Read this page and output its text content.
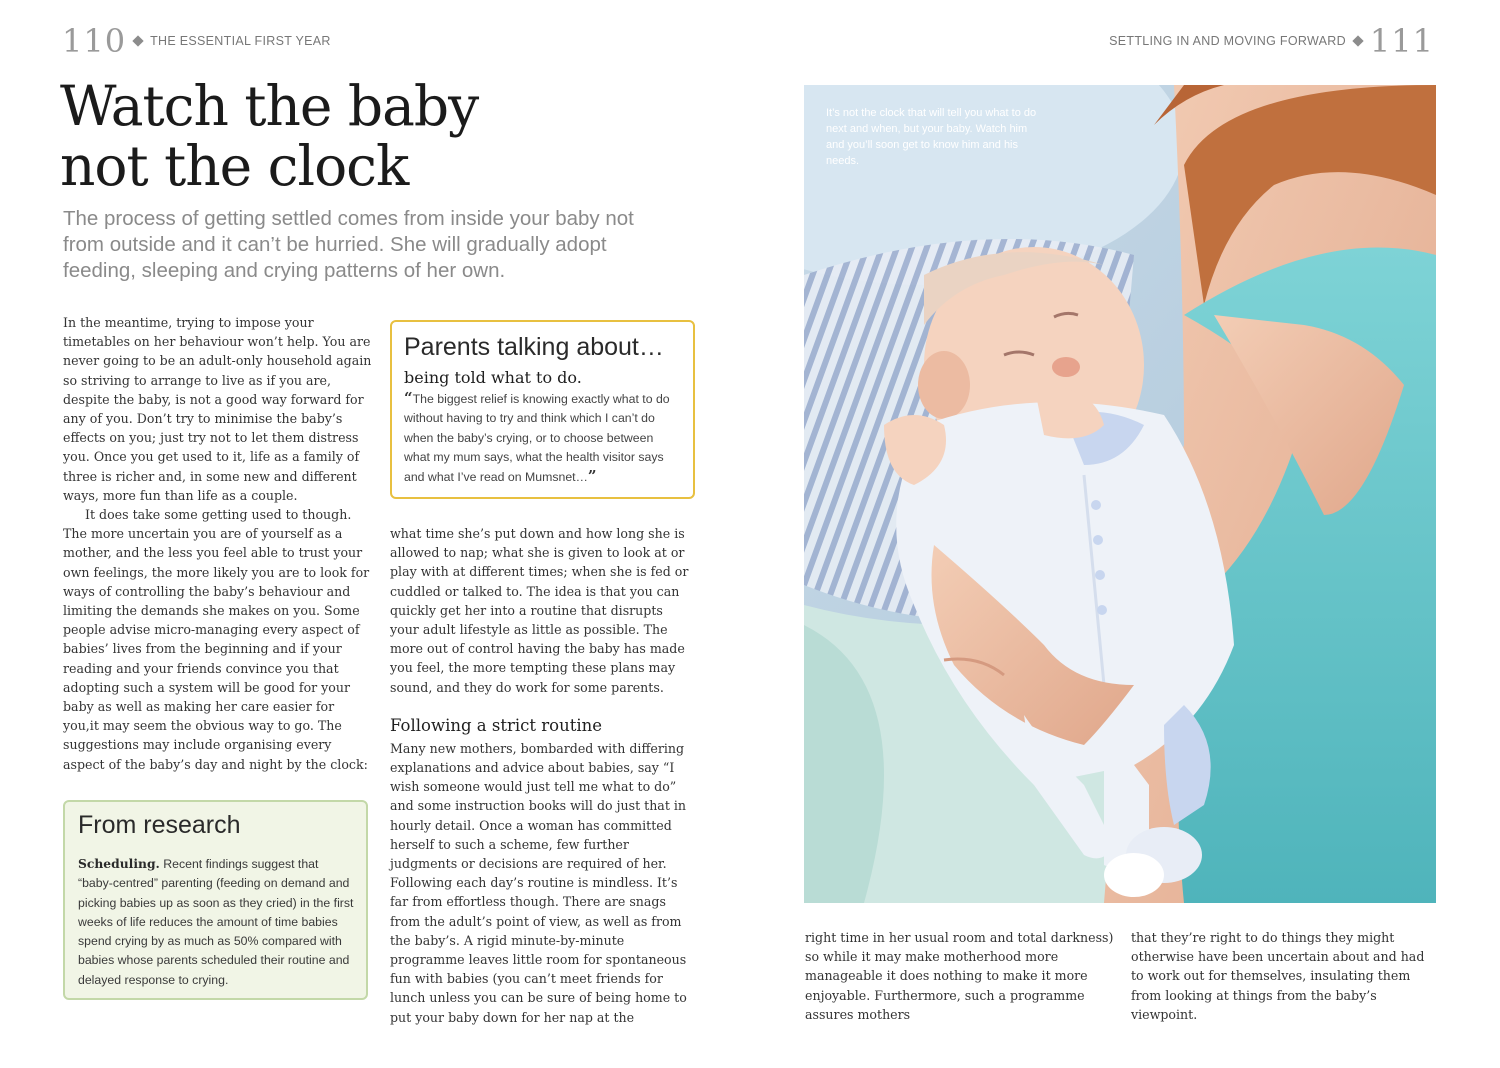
110 THE ESSENTIAL FIRST YEAR	SETTLING IN AND MOVING FORWARD 111
Watch the baby
not the clock

The process of getting settled comes from inside your baby not from outside and it can’t be hurried. She will gradually adopt feeding, sleeping and crying patterns of her own.

In the meantime, trying to impose your timetables on her behaviour won’t help. You are never going to be an adult-only household again so striving to arrange to live as if you are, despite the baby, is not a good way forward for any of you. Don’t try to minimise the baby’s effects on you; just try not to let them distress you. Once you get used to it, life as a family of three is richer and, in some new and different ways, more fun than life as a couple.

It does take some getting used to though. The more uncertain you are of yourself as a mother, and the less you feel able to trust your own feelings, the more likely you are to look for ways of controlling the baby’s behaviour and limiting the demands she makes on you. Some people advise micro-managing every aspect of babies’ lives from the beginning and if your reading and your friends convince you that adopting such a system will be good for your baby as well as making her care easier for you,it may seem the obvious way to go. The suggestions may include organising every aspect of the baby’s day and night by the clock:

Parents talking about…
being told what to do.
“The biggest relief is knowing exactly what to do without having to try and think which I can’t do when the baby’s crying, or to choose between what my mum says, what the health visitor says and what I’ve read on Mumsnet…”

what time she’s put down and how long she is allowed to nap; what she is given to look at or play with at different times; when she is fed or cuddled or talked to. The idea is that you can quickly get her into a routine that disrupts your adult lifestyle as little as possible. The more out of control having the baby has made you feel, the more tempting these plans may sound, and they do work for some parents.

Following a strict routine

Many new mothers, bombarded with differing explanations and advice about babies, say “I wish someone would just tell me what to do” and some instruction books will do just that in hourly detail. Once a woman has committed herself to such a scheme, few further judgments or decisions are required of her. Following each day’s routine is mindless. It’s far from effortless though. There are snags from the adult’s point of view, as well as from the baby’s. A rigid minute-by-minute programme leaves little room for spontaneous fun with babies (you can’t meet friends for lunch unless you can be sure of being home to put your baby down for her nap at the

From research
Scheduling. Recent findings suggest that “baby-centred” parenting (feeding on demand and picking babies up as soon as they cried) in the first weeks of life reduces the amount of time babies spend crying by as much as 50% compared with babies whose parents scheduled their routine and delayed response to crying.
It’s not the clock that will tell you what to do next and when, but your baby. Watch him and you’ll soon get to know him and his needs.

right time in her usual room and total darkness) so while it may make motherhood more manageable it does nothing to make it more enjoyable. Furthermore, such a programme assures mothers

that they’re right to do things they might otherwise have been uncertain about and had to work out for themselves, insulating them from looking at things from the baby’s viewpoint.
